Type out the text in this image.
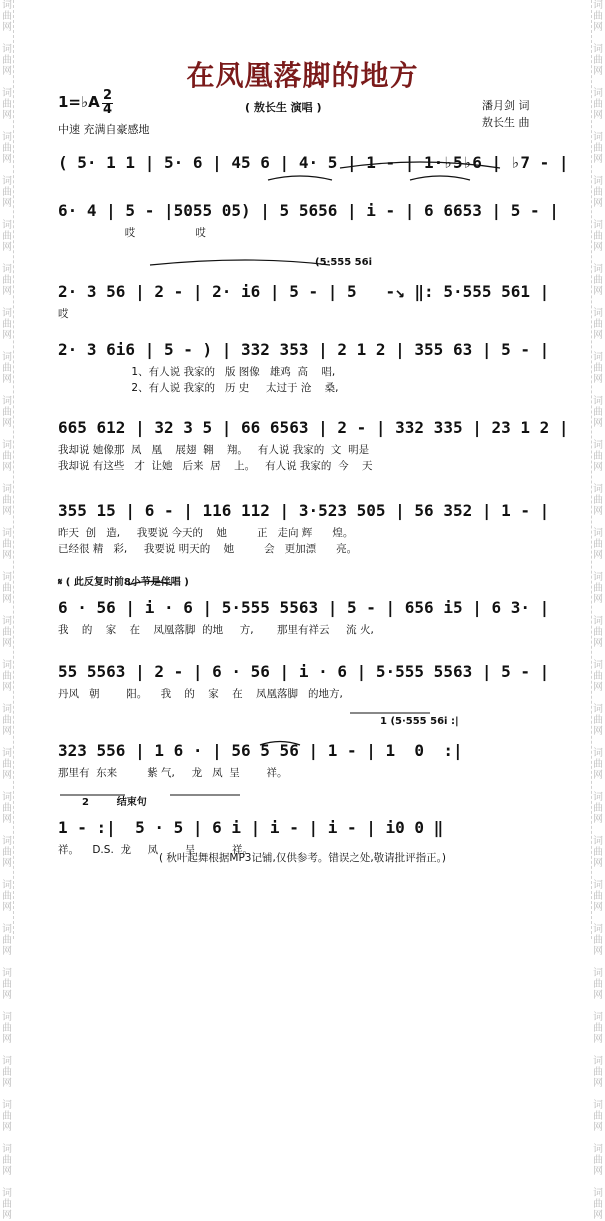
词
曲
网

词
曲
网

词
曲
网

词
曲
网

词
曲
网

词
曲
网

词
曲
网

词
曲
网

词
曲
网

词
曲
网

词
曲
网

词
曲
网

词
曲
网

词
曲
网

词
曲
网

词
曲
网

词
曲
网

词
曲
网

词
曲
网

词
曲
网

词
曲
网

词
曲
网

词
曲
网

词
曲
网

词
曲
网

词
曲
网

词
曲
网

词
曲
网

词
曲
网

词
曲
网

词
曲
网

词
曲
网

词
曲
网

词
曲
网

词
曲
网

词
曲
网

词
曲
网

词
曲
网

词
曲
网

词
曲
网

词
曲
网

词
曲
网

词
曲
网

词
曲
网

词
曲
网

词
曲
网

词
曲
网

词
曲
网

词
曲
网

词
曲
网

词
曲
网

词
曲
网

词
曲
网

词
曲
网

词
曲
网

词
曲
网

在凤凰落脚的地方
1=♭A 2
4	( 敖长生 演唱 )
中速 充满自豪感地
潘月剑 词
敖长生 曲
( 5· 1 1 | 5· 6 | 45 6 | 4· 5 | 1 - | 1·♭5♭6 | ♭7 - |
6· 4 | 5 - |5055 05) | 5 5656 | i - | 6 6653 | 5 - |
哎                  哎
2· 3 56 | 2 - | 2· i6 | 5 - | 5   -↘ ‖: 5·555 561 |
(5·555 56i
哎
2· 3 6i6 | 5 - ) | 332 353 | 2 1 2 | 355 63 | 5 - |
1、有人说 我家的   版 图像   雄鸡  高    唱,
2、有人说 我家的   历 史     太过于 沧    桑,
665 612 | 32 3 5 | 66 6563 | 2 - | 332 335 | 23 1 2 |
我却说 她像那  凤   凰    展翅  翱    翔。   有人说 我家的  文  明是
我却说 有这些   才  让她   后来  居    上。   有人说 我家的  今    天
355 15 | 6 - | 116 112 | 3·523 505 | 56 352 | 1 - |
昨天  创   造,     我要说 今天的    她         正   走向 辉      煌。
已经很 精   彩,     我要说 明天的    她         会   更加漂      亮。
6 · 56 | i · 6 | 5·555 5563 | 5 - | 656 i5 | 6 3· |
𝄋 ( 此反复时前8小节是伴唱 )
我    的    家    在    凤凰落脚  的地     方,       那里有祥云     流 火,
55 5563 | 2 - | 6 · 56 | i · 6 | 5·555 5563 | 5 - |
丹风   朝        阳。    我    的    家    在    凤凰落脚   的地方,
323 556 | 1 6 · | 56 5 56 | 1 - | 1  0  :|
1 (5·555 56i :|
那里有  东来         紫 气,     龙   凤  呈        祥。
1 - :|  5 · 5 | 6 i | i - | i - | i0 0 ‖
2        结束句
祥。    D.S.  龙     凤        呈           祥。
( 秋叶起舞根据MP3记铺,仅供参考。错误之处,敬请批评指正。)
